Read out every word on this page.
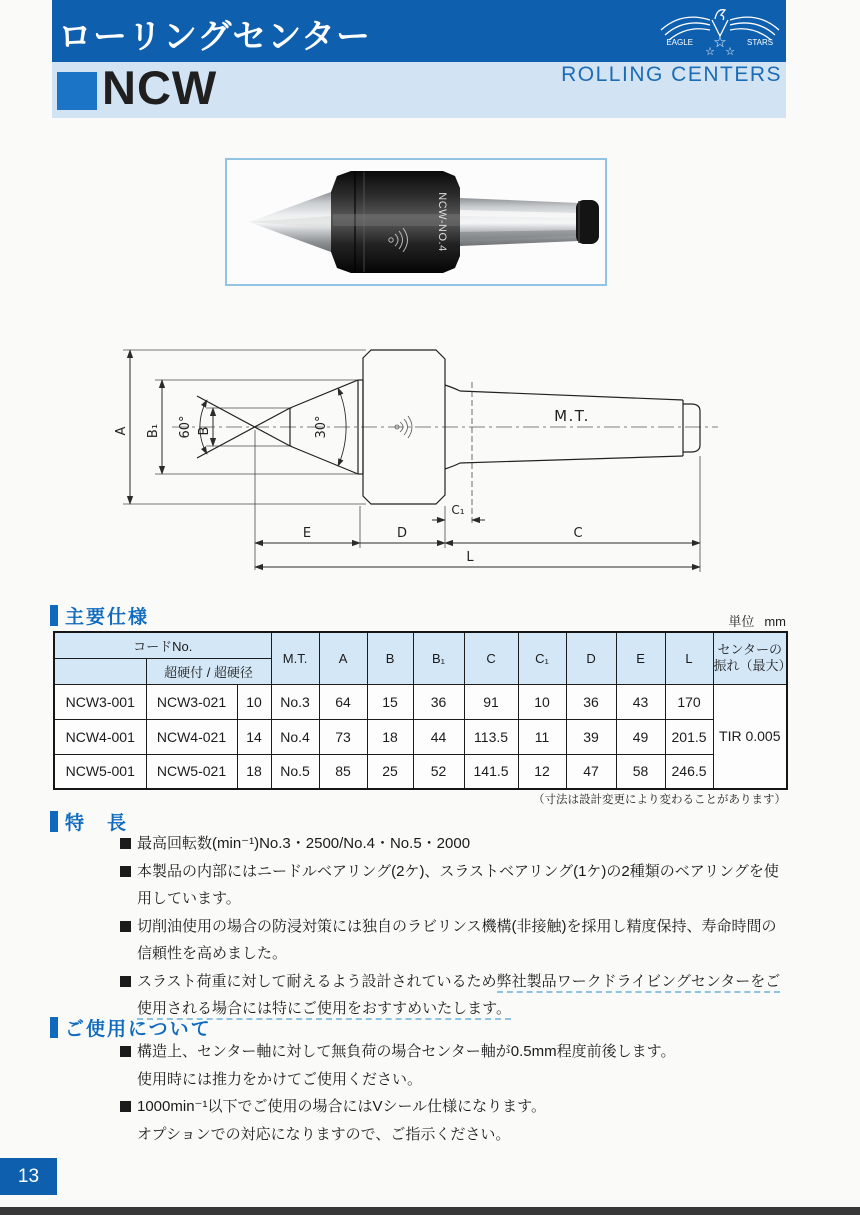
ローリングセンター	EAGLE	STARS
☆
☆ ☆
ROLLING CENTERS
NCW
NCW-NO.4
A B₁	B
60°	30°	M.T.
C₁
E	D	C
L
主要仕様	単位 mm
コードNo.			M.T.	A	B	B₁	C	C₁	D	E	L	センターの
振れ（最大）

	超硬付 / 超硬径											
NCW3-001	NCW3-021	10	No.3	64	15	36	91	10	36	43	170	TIR 0.005
NCW4-001	NCW4-021	14	No.4	73	18	44	113.5	11	39	49	201.5	
NCW5-001	NCW5-021	18	No.5	85	25	52	141.5	12	47	58	246.5	
（寸法は設計変更により変わることがあります）
特　長
最高回転数(min⁻¹)No.3・2500/No.4・No.5・2000
本製品の内部にはニードルベアリング(2ケ)、スラストベアリング(1ケ)の2種類のベアリングを使用しています。
切削油使用の場合の防浸対策には独自のラビリンス機構(非接触)を採用し精度保持、寿命時間の信頼性を高めました。
スラスト荷重に対して耐えるよう設計されているため弊社製品ワークドライビングセンターをご使用される場合には特にご使用をおすすめいたします。
ご使用について
構造上、センター軸に対して無負荷の場合センター軸が0.5mm程度前後します。
使用時には推力をかけてご使用ください。
1000min⁻¹以下でご使用の場合にはVシール仕様になります。
オプションでの対応になりますので、ご指示ください。
13
